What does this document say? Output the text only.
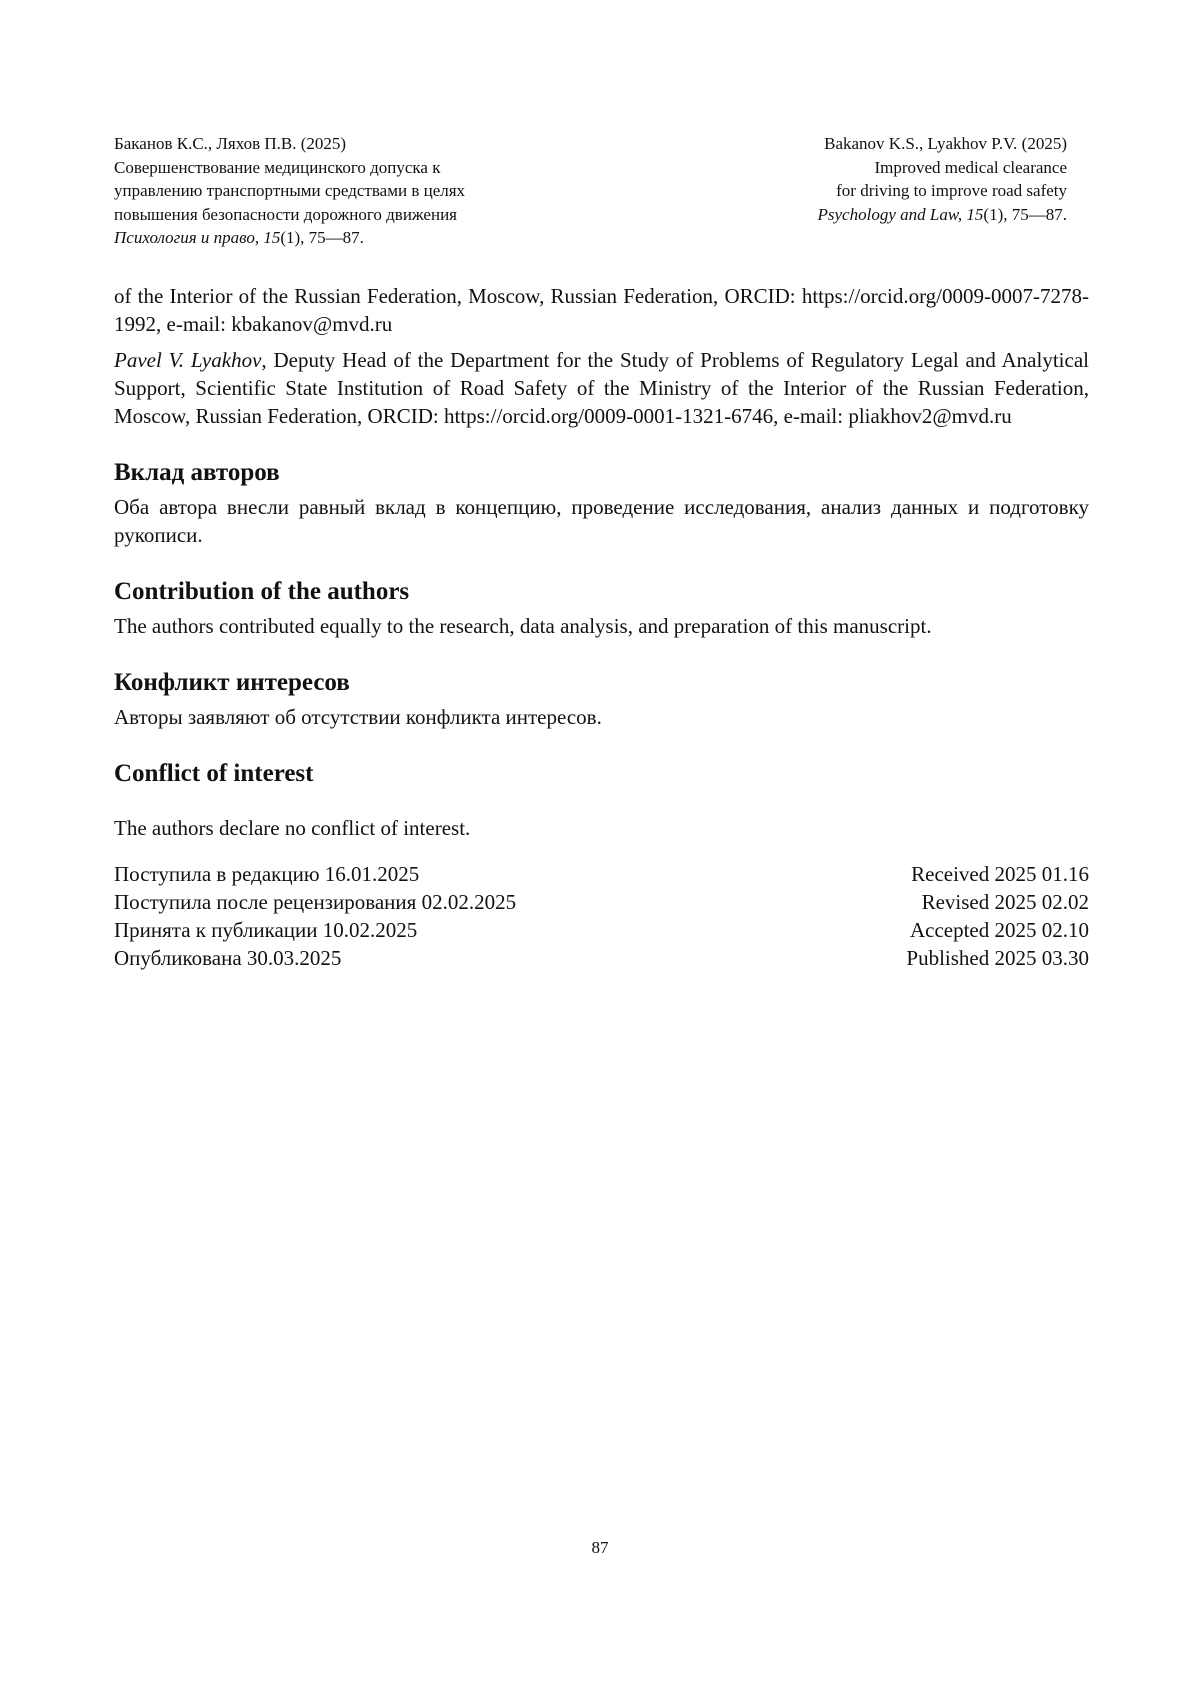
Баканов К.С., Ляхов П.В. (2025)
Совершенствование медицинского допуска к
управлению транспортными средствами в целях
повышения безопасности дорожного движения
Психология и право, 15(1), 75—87.
Bakanov K.S., Lyakhov P.V. (2025)
Improved medical clearance
for driving to improve road safety
Psychology and Law, 15(1), 75—87.

of the Interior of the Russian Federation, Moscow, Russian Federation, ORCID: https://orcid.org/0009-0007-7278-1992, e-mail: kbakanov@mvd.ru

Pavel V. Lyakhov, Deputy Head of the Department for the Study of Problems of Regulatory Legal and Analytical Support, Scientific State Institution of Road Safety of the Ministry of the Interior of the Russian Federation, Moscow, Russian Federation, ORCID: https://orcid.org/0009-0001-1321-6746, e-mail: pliakhov2@mvd.ru

Вклад авторов

Оба автора внесли равный вклад в концепцию, проведение исследования, анализ данных и подготовку рукописи.

Contribution of the authors

The authors contributed equally to the research, data analysis, and preparation of this manuscript.

Конфликт интересов

Авторы заявляют об отсутствии конфликта интересов.

Conflict of interest

The authors declare no conflict of interest.

Поступила в редакцию 16.01.2025
Поступила после рецензирования 02.02.2025
Принята к публикации 10.02.2025
Опубликована 30.03.2025
Received 2025 01.16
Revised 2025 02.02
Accepted 2025 02.10
Published 2025 03.30
87
